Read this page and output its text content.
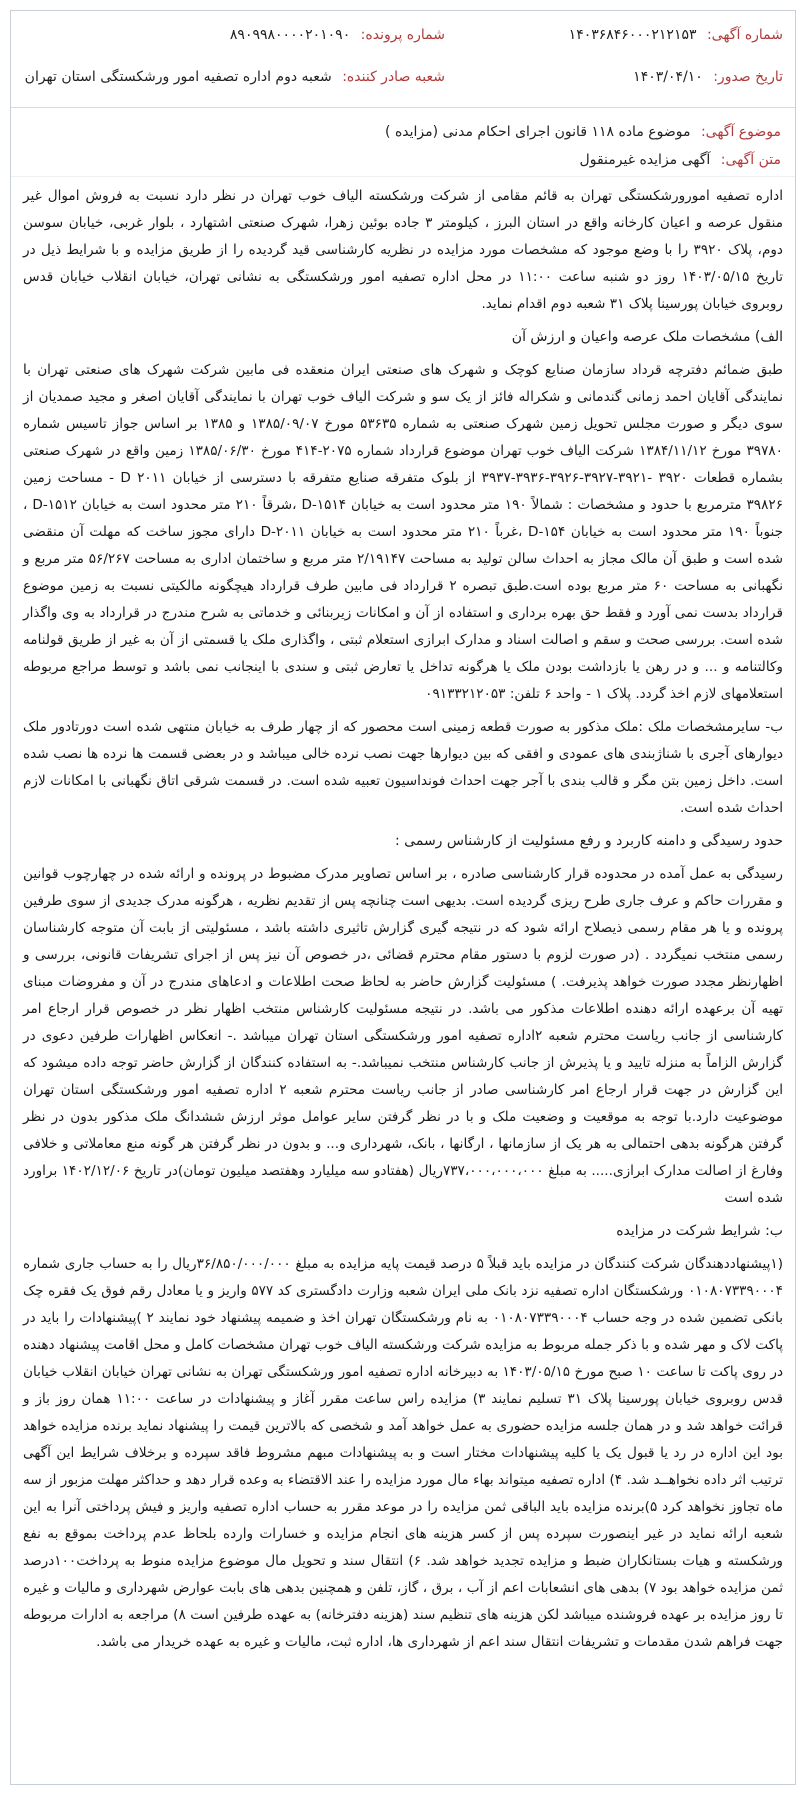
شماره آگهی: ۱۴۰۳۶۸۴۶۰۰۰۲۱۲۱۵۳
شماره پرونده: ۸۹۰۹۹۸۰۰۰۰۲۰۱۰۹۰
تاریخ صدور: ۱۴۰۳/۰۴/۱۰
شعبه صادر کننده: شعبه دوم اداره تصفیه امور ورشکستگی استان تهران
موضوع آگهی: موضوع ماده ۱۱۸ قانون اجرای احکام مدنی (مزایده )
متن آگهی: آگهی مزایده غیرمنقول

اداره تصفیه امورورشکستگی تهران به قائم مقامی از شرکت ورشکسته الیاف خوب تهران در نظر دارد نسبت به فروش اموال غیر منقول عرصه و اعیان کارخانه واقع در استان البرز ، کیلومتر ۳ جاده بوئین زهرا، شهرک صنعتی اشتهارد ، بلوار غربی، خیابان سوسن دوم، پلاک ۳۹۲۰ را با وضع موجود که مشخصات مورد مزایده در نظریه کارشناسی قید گردیده را از طریق مزایده و با شرایط ذیل در تاریخ ۱۴۰۳/۰۵/۱۵ روز دو شنبه ساعت ۱۱:۰۰ در محل اداره تصفیه امور ورشکستگی به نشانی تهران، خیابان انقلاب خیابان قدس روبروی خیابان پورسینا پلاک ۳۱ شعبه دوم اقدام نماید.

الف) مشخصات ملک عرصه واعیان و ارزش آن

طبق ضمائم دفترچه قرداد سازمان صنایع کوچک و شهرک های صنعتی ایران منعقده فی مابین شرکت شهرک های صنعتی تهران با نمایندگی آقایان احمد زمانی گندمانی و شکراله فائز از یک سو و شرکت الیاف خوب تهران با نمایندگی آقایان اصغر و مجید صمدیان از سوی دیگر و صورت مجلس تحویل زمین شهرک صنعتی به شماره ۵۳۶۳۵ مورخ ۱۳۸۵/۰۹/۰۷ و ۱۳۸۵ بر اساس جواز تاسیس شماره ۳۹۷۸۰ مورخ ۱۳۸۴/۱۱/۱۲ شرکت الیاف خوب تهران موضوع قرارداد شماره ۲۰۷۵-۴۱۴ مورخ ۱۳۸۵/۰۶/۳۰ زمین واقع در شهرک صنعتی بشماره قطعات ۳۹۲۰ -۳۹۲۱-۳۹۲۷-۳۹۲۶-۳۹۳۶-۳۹۳۷ از بلوک متفرقه صنایع متفرقه با دسترسی از خیابان D ۲۰۱۱ - مساحت زمین ۳۹۸۲۶ مترمربع با حدود و مشخصات : شمالاً ۱۹۰ متر محدود است به خیابان D-۱۵۱۴ ،شرقاً ۲۱۰ متر محدود است به خیابان D-۱۵۱۲ ، جنوباً ۱۹۰ متر محدود است به خیابان D-۱۵۴ ،غرباً ۲۱۰ متر محدود است به خیابان D-۲۰۱۱ دارای مجوز ساخت که مهلت آن منقضی شده است و طبق آن مالک مجاز به احداث سالن تولید به مساحت ۲/۱۹۱۴۷ متر مربع و ساختمان اداری به مساحت ۵۶/۲۶۷ متر مربع و نگهبانی به مساحت ۶۰ متر مربع بوده است.طبق تبصره ۲ قرارداد فی مابین طرف قرارداد هیچگونه مالکیتی نسبت به زمین موضوع قرارداد بدست نمی آورد و فقط حق بهره برداری و استفاده از آن و امکانات زیربنائی و خدماتی به شرح مندرج در قرارداد به وی واگذار شده است. بررسی صحت و سقم و اصالت اسناد و مدارک ابرازی استعلام ثبتی ، واگذاری ملک یا قسمتی از آن به غیر از طریق قولنامه وکالتنامه و ... و در رهن یا بازداشت بودن ملک یا هرگونه تداخل یا تعارض ثبتی و سندی با اینجانب نمی باشد و توسط مراجع مربوطه استعلامهای لازم اخذ گردد. پلاک ۱ - واحد ۶ تلفن: ۰۹۱۳۳۲۱۲۰۵۳

ب- سایرمشخصات ملک :ملک مذکور به صورت قطعه زمینی است محصور که از چهار طرف به خیابان منتهی شده است دورتادور ملک دیوارهای آجری با شناژبندی های عمودی و افقی که بین دیوارها جهت نصب نرده خالی میباشد و در بعضی قسمت ها نرده ها نصب شده است. داخل زمین بتن مگر و قالب بندی با آجر جهت احداث فونداسیون تعبیه شده است. در قسمت شرقی اتاق نگهبانی با امکانات لازم احداث شده است.

حدود رسیدگی و دامنه کاربرد و رفع مسئولیت از کارشناس رسمی :

رسیدگی به عمل آمده در محدوده قرار کارشناسی صادره ، بر اساس تصاویر مدرک مضبوط در پرونده و ارائه شده در چهارچوب قوانین و مقررات حاکم و عرف جاری طرح ریزی گردیده است. بدیهی است چنانچه پس از تقدیم نظریه ، هرگونه مدرک جدیدی از سوی طرفین پرونده و یا هر مقام رسمی ذیصلاح ارائه شود که در نتیجه گیری گزارش تاثیری داشته باشد ، مسئولیتی از بابت آن متوجه کارشناسان رسمی منتخب نمیگردد . (در صورت لزوم با دستور مقام محترم قضائی ،در خصوص آن نیز پس از اجرای تشریفات قانونی، بررسی و اظهارنظر مجدد صورت خواهد پذیرفت. ) مسئولیت گزارش حاضر به لحاظ صحت اطلاعات و ادعاهای مندرج در آن و مفروضات مبنای تهیه آن برعهده ارائه دهنده اطلاعات مذکور می باشد. در نتیجه مسئولیت کارشناس منتخب اظهار نظر در خصوص قرار ارجاع امر کارشناسی از جانب ریاست محترم شعبه ۲اداره تصفیه امور ورشکستگی استان تهران میباشد .- انعکاس اظهارات طرفین دعوی در گزارش الزاماً به منزله تایید و یا پذیرش از جانب کارشناس منتخب نمیباشد.- به استفاده کنندگان از گزارش حاضر توجه داده میشود که این گزارش در جهت قرار ارجاع امر کارشناسی صادر از جانب ریاست محترم شعبه ۲ اداره تصفیه امور ورشکستگی استان تهران موضوعیت دارد.با توجه به موقعیت و وضعیت ملک و با در نظر گرفتن سایر عوامل موثر ارزش ششدانگ ملک مذکور بدون در نظر گرفتن هرگونه بدهی احتمالی به هر یک از سازمانها ، ارگانها ، بانک، شهرداری و... و بدون در نظر گرفتن هر گونه منع معاملاتی و خلافی وفارغ از اصالت مدارک ابرازی..... به مبلغ ۷۳۷،۰۰۰،۰۰۰،۰۰۰ریال (هفتادو سه میلیارد وهفتصد میلیون تومان)در تاریخ ۱۴۰۲/۱۲/۰۶ براورد شده است

ب: شرایط شرکت در مزایده

(۱پیشنهاددهندگان شرکت کنندگان در مزایده باید قبلاً ۵ درصد قیمت پایه مزایده به مبلغ ۳۶/۸۵۰/۰۰۰/۰۰۰ریال را به حساب جاری شماره ۰۱۰۸۰۷۳۳۹۰۰۰۴ ورشکستگان اداره تصفیه نزد بانک ملی ایران شعبه وزارت دادگستری کد ۵۷۷ واریز و یا معادل رقم فوق یک فقره چک بانکی تضمین شده در وجه حساب ۰۱۰۸۰۷۳۳۹۰۰۰۴ به نام ورشکستگان تهران اخذ و ضمیمه پیشنهاد خود نمایند ۲ )پیشنهادات را باید در پاکت لاک و مهر شده و با ذکر جمله مربوط به مزایده شرکت ورشکسته الیاف خوب تهران مشخصات کامل و محل اقامت پیشنهاد دهنده در روی پاکت تا ساعت ۱۰ صبح مورخ ۱۴۰۳/۰۵/۱۵ به دبیرخانه اداره تصفیه امور ورشکستگی تهران به نشانی تهران خیابان انقلاب خیابان قدس روبروی خیابان پورسینا پلاک ۳۱ تسلیم نمایند ۳) مزایده راس ساعت مقرر آغاز و پیشنهادات در ساعت ۱۱:۰۰ همان روز باز و قرائت خواهد شد و در همان جلسه مزایده حضوری به عمل خواهد آمد و شخصی که بالاترین قیمت را پیشنهاد نماید برنده مزایده خواهد بود این اداره در رد یا قبول یک یا کلیه پیشنهادات مختار است و به پیشنهادات مبهم مشروط فاقد سپرده و برخلاف شرایط این آگهی ترتیب اثر داده نخواهــد شد. ۴) اداره تصفیه میتواند بهاء مال مورد مزایده را عند الاقتضاء به وعده قرار دهد و حداکثر مهلت مزبور از سه ماه تجاوز نخواهد کرد ۵)برنده مزایده باید الباقی ثمن مزایده را در موعد مقرر به حساب اداره تصفیه واریز و فیش پرداختی آنرا به این شعبه ارائه نماید در غیر اینصورت سپرده پس از کسر هزینه های انجام مزایده و خسارات وارده بلحاظ عدم پرداخت بموقع به نفع ورشکسته و هیات بستانکاران ضبط و مزایده تجدید خواهد شد. ۶) انتقال سند و تحویل مال موضوع مزایده منوط به پرداخت۱۰۰درصد ثمن مزایده خواهد بود ۷) بدهی های انشعابات اعم از آب ، برق ، گاز، تلفن و همچنین بدهی های بابت عوارض شهرداری و مالیات و غیره تا روز مزایده بر عهده فروشنده میباشد لکن هزینه های تنظیم سند (هزینه دفترخانه) به عهده طرفین است ۸) مراجعه به ادارات مربوطه جهت فراهم شدن مقدمات و تشریفات انتقال سند اعم از شهرداری ها، اداره ثبت، مالیات و غیره به عهده خریدار می باشد.
